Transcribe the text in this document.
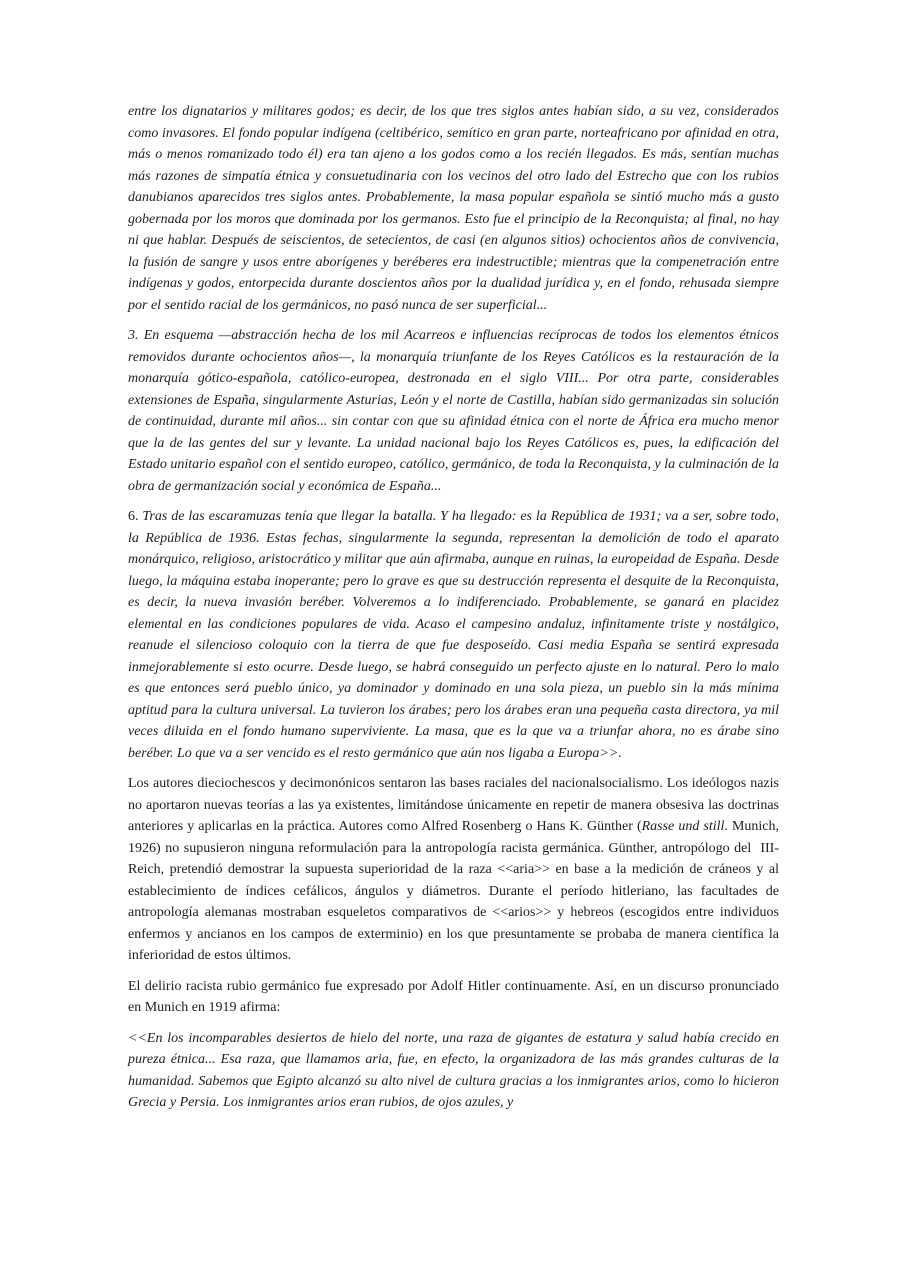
entre los dignatarios y militares godos; es decir, de los que tres siglos antes habían sido, a su vez, considerados como invasores. El fondo popular indígena (celtibérico, semítico en gran parte, norteafricano por afinidad en otra, más o menos romanizado todo él) era tan ajeno a los godos como a los recién llegados. Es más, sentían muchas más razones de simpatía étnica y consuetudinaria con los vecinos del otro lado del Estrecho que con los rubios danubianos aparecidos tres siglos antes. Probablemente, la masa popular española se sintió mucho más a gusto gobernada por los moros que dominada por los germanos. Esto fue el principio de la Reconquista; al final, no hay ni que hablar. Después de seiscientos, de setecientos, de casi (en algunos sitios) ochocientos años de convivencia, la fusión de sangre y usos entre aborígenes y beréberes era indestructible; mientras que la compenetración entre indígenas y godos, entorpecida durante doscientos años por la dualidad jurídica y, en el fondo, rehusada siempre por el sentido racial de los germánicos, no pasó nunca de ser superficial...

3. En esquema —abstracción hecha de los mil Acarreos e influencias recíprocas de todos los elementos étnicos removidos durante ochocientos años—, la monarquía triunfante de los Reyes Católicos es la restauración de la monarquía gótico-española, católico-europea, destronada en el siglo VIII... Por otra parte, considerables extensiones de España, singularmente Asturias, León y el norte de Castilla, habían sido germanizadas sin solución de continuidad, durante mil años... sin contar con que su afinidad étnica con el norte de África era mucho menor que la de las gentes del sur y levante. La unidad nacional bajo los Reyes Católicos es, pues, la edificación del Estado unitario español con el sentido europeo, católico, germánico, de toda la Reconquista, y la culminación de la obra de germanización social y económica de España...

6. Tras de las escaramuzas tenía que llegar la batalla. Y ha llegado: es la República de 1931; va a ser, sobre todo, la República de 1936. Estas fechas, singularmente la segunda, representan la demolición de todo el aparato monárquico, religioso, aristocrático y militar que aún afirmaba, aunque en ruinas, la europeidad de España. Desde luego, la máquina estaba inoperante; pero lo grave es que su destrucción representa el desquite de la Reconquista, es decir, la nueva invasión beréber. Volveremos a lo indiferenciado. Probablemente, se ganará en placidez elemental en las condiciones populares de vida. Acaso el campesino andaluz, infinitamente triste y nostálgico, reanude el silencioso coloquio con la tierra de que fue desposeído. Casi media España se sentirá expresada inmejorablemente si esto ocurre. Desde luego, se habrá conseguido un perfecto ajuste en lo natural. Pero lo malo es que entonces será pueblo único, ya dominador y dominado en una sola pieza, un pueblo sin la más mínima aptitud para la cultura universal. La tuvieron los árabes; pero los árabes eran una pequeña casta directora, ya mil veces diluida en el fondo humano superviviente. La masa, que es la que va a triunfar ahora, no es árabe sino beréber. Lo que va a ser vencido es el resto germánico que aún nos ligaba a Europa>>.

Los autores dieciochescos y decimonónicos sentaron las bases raciales del nacionalsocialismo. Los ideólogos nazis no aportaron nuevas teorías a las ya existentes, limitándose únicamente en repetir de manera obsesiva las doctrinas anteriores y aplicarlas en la práctica. Autores como Alfred Rosenberg o Hans K. Günther (Rasse und still. Munich, 1926) no supusieron ninguna reformulación para la antropología racista germánica. Günther, antropólogo del  III-Reich, pretendió demostrar la supuesta superioridad de la raza <<aria>> en base a la medición de cráneos y al establecimiento de índices cefálicos, ángulos y diámetros. Durante el período hitleriano, las facultades de antropología alemanas mostraban esqueletos comparativos de <<arios>> y hebreos (escogidos entre individuos enfermos y ancianos en los campos de exterminio) en los que presuntamente se probaba de manera científica la inferioridad de estos últimos.

El delirio racista rubio germánico fue expresado por Adolf Hitler continuamente. Así, en un discurso pronunciado en Munich en 1919 afirma:

<<En los incomparables desiertos de hielo del norte, una raza de gigantes de estatura y salud había crecido en pureza étnica... Esa raza, que llamamos aria, fue, en efecto, la organizadora de las más grandes culturas de la humanidad. Sabemos que Egipto alcanzó su alto nivel de cultura gracias a los inmigrantes arios, como lo hicieron Grecia y Persia. Los inmigrantes arios eran rubios, de ojos azules, y
